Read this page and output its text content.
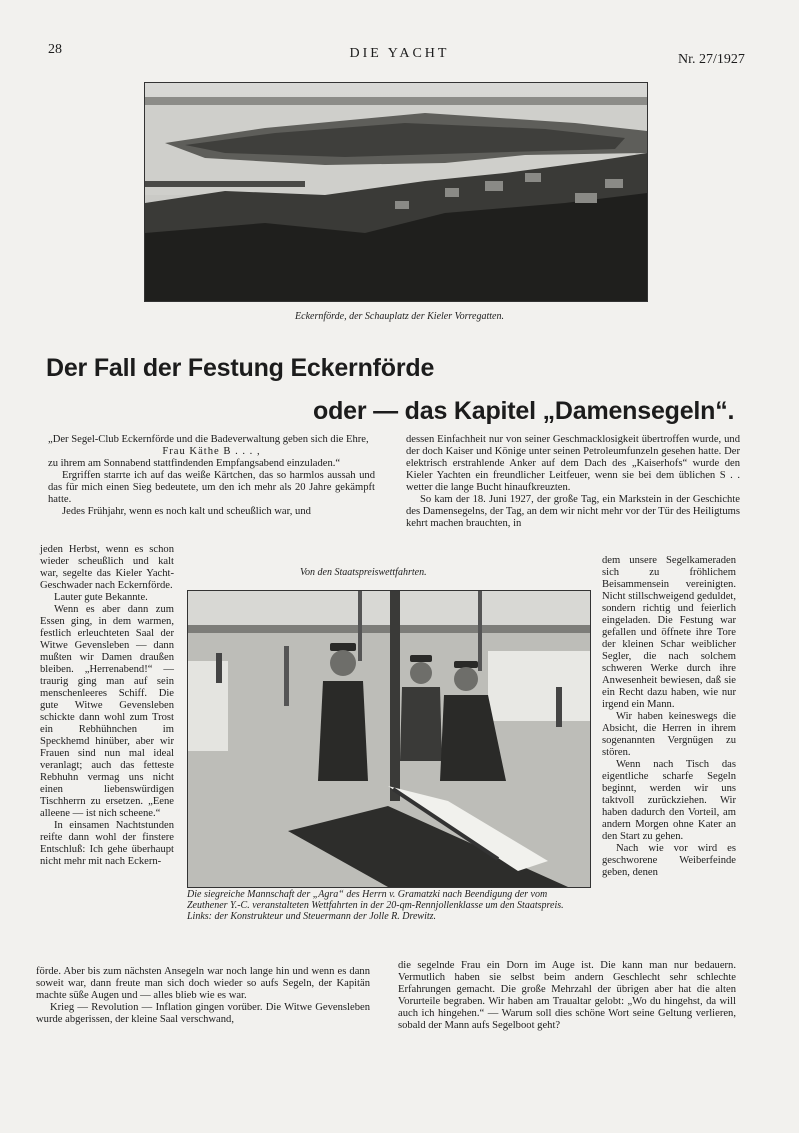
28	DIE YACHT	Nr. 27/1927
Eckernförde, der Schauplatz der Kieler Vorregatten.
Der Fall der Festung Eckernförde
oder — das Kapitel „Damensegeln“.

„Der Segel-Club Eckernförde und die Badeverwaltung geben sich die Ehre,

Frau Käthe B . . . ,

zu ihrem am Sonnabend stattfindenden Empfangsabend einzuladen.“

Ergriffen starrte ich auf das weiße Kärtchen, das so harmlos aussah und das für mich einen Sieg bedeutete, um den ich mehr als 20 Jahre gekämpft hatte.

Jedes Frühjahr, wenn es noch kalt und scheußlich war, und

jeden Herbst, wenn es schon wieder scheußlich und kalt war, segelte das Kieler Yacht-Geschwader nach Eckernförde.

Lauter gute Bekannte.

Wenn es aber dann zum Essen ging, in dem warmen, festlich erleuchteten Saal der Witwe Gevensleben — dann mußten wir Damen draußen bleiben. „Herrenabend!“ — traurig ging man auf sein menschenleeres Schiff. Die gute Witwe Gevensleben schickte dann wohl zum Trost ein Rebhühnchen im Speckhemd hinüber, aber wir Frauen sind nun mal ideal veranlagt; auch das fetteste Rebhuhn vermag uns nicht einen liebenswürdigen Tischherrn zu ersetzen. „Eene alleene — ist nich scheene.“

In einsamen Nachtstunden reifte dann wohl der finstere Entschluß: Ich gehe überhaupt nicht mehr mit nach Eckern-

förde. Aber bis zum nächsten Ansegeln war noch lange hin und wenn es dann soweit war, dann freute man sich doch wieder so aufs Segeln, der Kapitän machte süße Augen und — alles blieb wie es war.

Krieg — Revolution — Inflation gingen vorüber. Die Witwe Gevensleben wurde abgerissen, der kleine Saal verschwand,

dessen Einfachheit nur von seiner Geschmacklosigkeit übertroffen wurde, und der doch Kaiser und Könige unter seinen Petroleumfunzeln gesehen hatte. Der elektrisch erstrahlende Anker auf dem Dach des „Kaiserhofs“ wurde den Kieler Yachten ein freundlicher Leitfeuer, wenn sie bei dem üblichen S . . wetter die lange Bucht hinaufkreuzten.

So kam der 18. Juni 1927, der große Tag, ein Markstein in der Geschichte des Damensegelns, der Tag, an dem wir nicht mehr vor der Tür des Heiligtums kehrt machen brauchten, in

dem unsere Segelkameraden sich zu fröhlichem Beisammensein vereinigten. Nicht stillschweigend geduldet, sondern richtig und feierlich eingeladen. Die Festung war gefallen und öffnete ihre Tore der kleinen Schar weiblicher Segler, die nach solchem schweren Werke durch ihre Anwesenheit bewiesen, daß sie ein Recht dazu haben, wie nur irgend ein Mann.

Wir haben keineswegs die Absicht, die Herren in ihrem sogenannten Vergnügen zu stören.

Wenn nach Tisch das eigentliche scharfe Segeln beginnt, werden wir uns taktvoll zurückziehen. Wir haben dadurch den Vorteil, am andern Morgen ohne Kater an den Start zu gehen.

Nach wie vor wird es geschworene Weiberfeinde geben, denen

die segelnde Frau ein Dorn im Auge ist. Die kann man nur bedauern. Vermutlich haben sie selbst beim andern Geschlecht sehr schlechte Erfahrungen gemacht. Die große Mehrzahl der übrigen aber hat die alten Vorurteile begraben. Wir haben am Traualtar gelobt: „Wo du hingehst, da will auch ich hingehen.“ — Warum soll dies schöne Wort seine Geltung verlieren, sobald der Mann aufs Segelboot geht?

Von den Staatspreiswettfahrten.
Die siegreiche Mannschaft der „Agra“ des Herrn v. Gramatzki nach Beendigung der vom Zeuthener Y.-C. veranstalteten Wettfahrten in der 20-qm-Rennjollenklasse um den Staatspreis. Links: der Konstrukteur und Steuermann der Jolle R. Drewitz.
